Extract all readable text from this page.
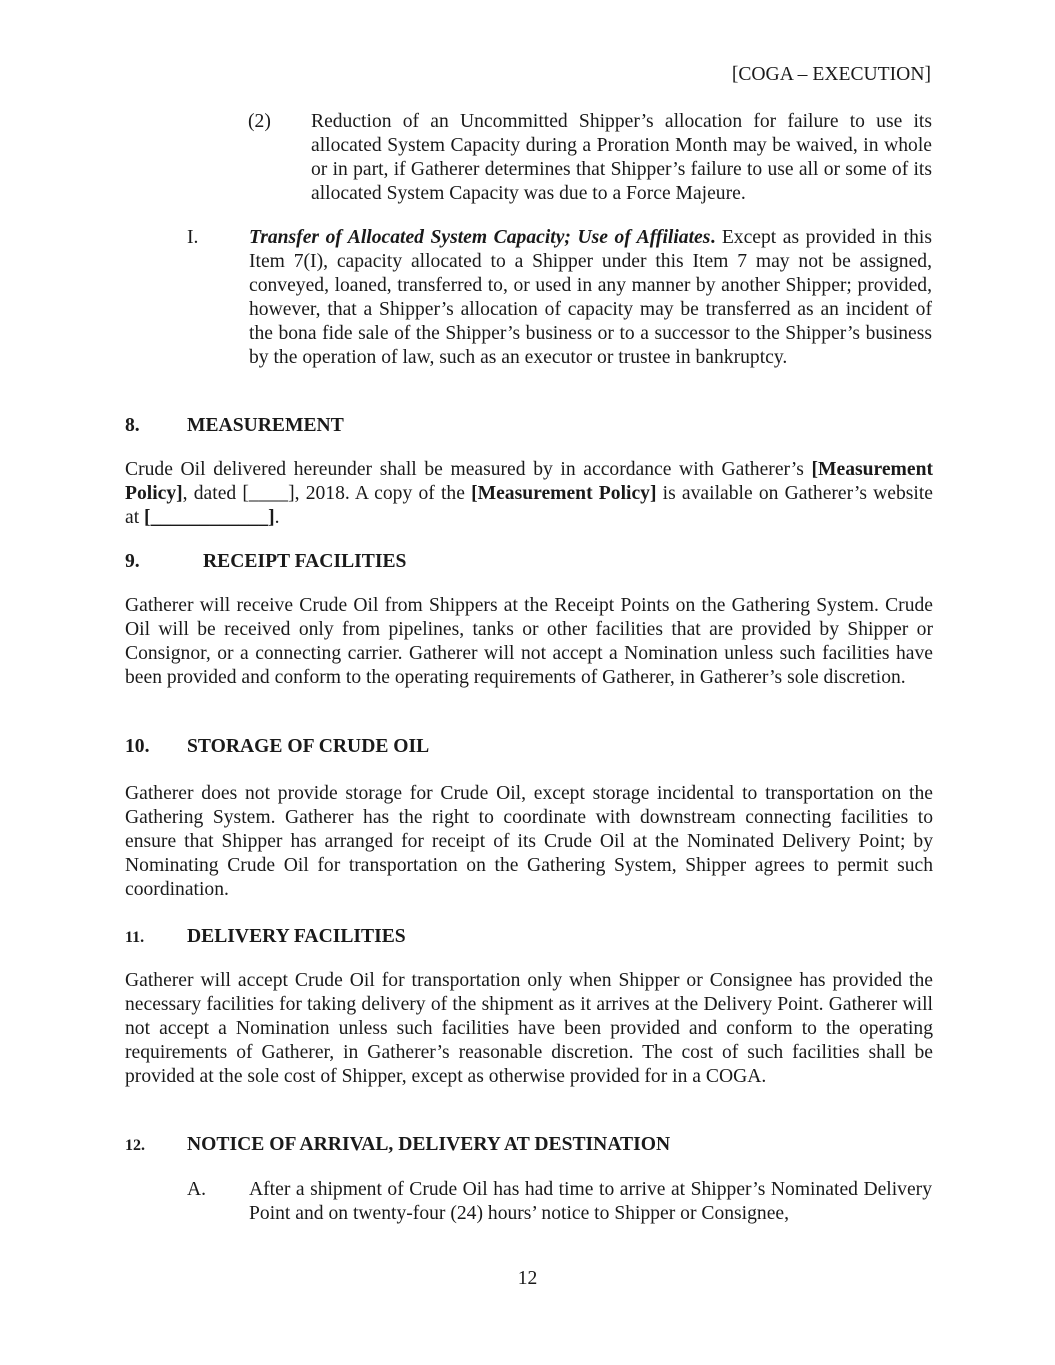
[COGA – EXECUTION]
(2) Reduction of an Uncommitted Shipper’s allocation for failure to use its allocated System Capacity during a Proration Month may be waived, in whole or in part, if Gatherer determines that Shipper’s failure to use all or some of its allocated System Capacity was due to a Force Majeure.
I.	Transfer of Allocated System Capacity; Use of Affiliates. Except as provided in this Item 7(I), capacity allocated to a Shipper under this Item 7 may not be assigned, conveyed, loaned, transferred to, or used in any manner by another Shipper; provided, however, that a Shipper’s allocation of capacity may be transferred as an incident of the bona fide sale of the Shipper’s business or to a successor to the Shipper’s business by the operation of law, such as an executor or trustee in bankruptcy.
8. MEASUREMENT
Crude Oil delivered hereunder shall be measured by in accordance with Gatherer’s [Measurement Policy], dated [____], 2018. A copy of the [Measurement Policy] is available on Gatherer’s website at [____________].
9.	RECEIPT FACILITIES
Gatherer will receive Crude Oil from Shippers at the Receipt Points on the Gathering System. Crude Oil will be received only from pipelines, tanks or other facilities that are provided by Shipper or Consignor, or a connecting carrier. Gatherer will not accept a Nomination unless such facilities have been provided and conform to the operating requirements of Gatherer, in Gatherer’s sole discretion.
10. STORAGE OF CRUDE OIL
Gatherer does not provide storage for Crude Oil, except storage incidental to transportation on the Gathering System. Gatherer has the right to coordinate with downstream connecting facilities to ensure that Shipper has arranged for receipt of its Crude Oil at the Nominated Delivery Point; by Nominating Crude Oil for transportation on the Gathering System, Shipper agrees to permit such coordination.
11. DELIVERY FACILITIES
Gatherer will accept Crude Oil for transportation only when Shipper or Consignee has provided the necessary facilities for taking delivery of the shipment as it arrives at the Delivery Point. Gatherer will not accept a Nomination unless such facilities have been provided and conform to the operating requirements of Gatherer, in Gatherer’s reasonable discretion. The cost of such facilities shall be provided at the sole cost of Shipper, except as otherwise provided for in a COGA.
12. NOTICE OF ARRIVAL, DELIVERY AT DESTINATION
A. After a shipment of Crude Oil has had time to arrive at Shipper’s Nominated Delivery Point and on twenty-four (24) hours’ notice to Shipper or Consignee,
12
